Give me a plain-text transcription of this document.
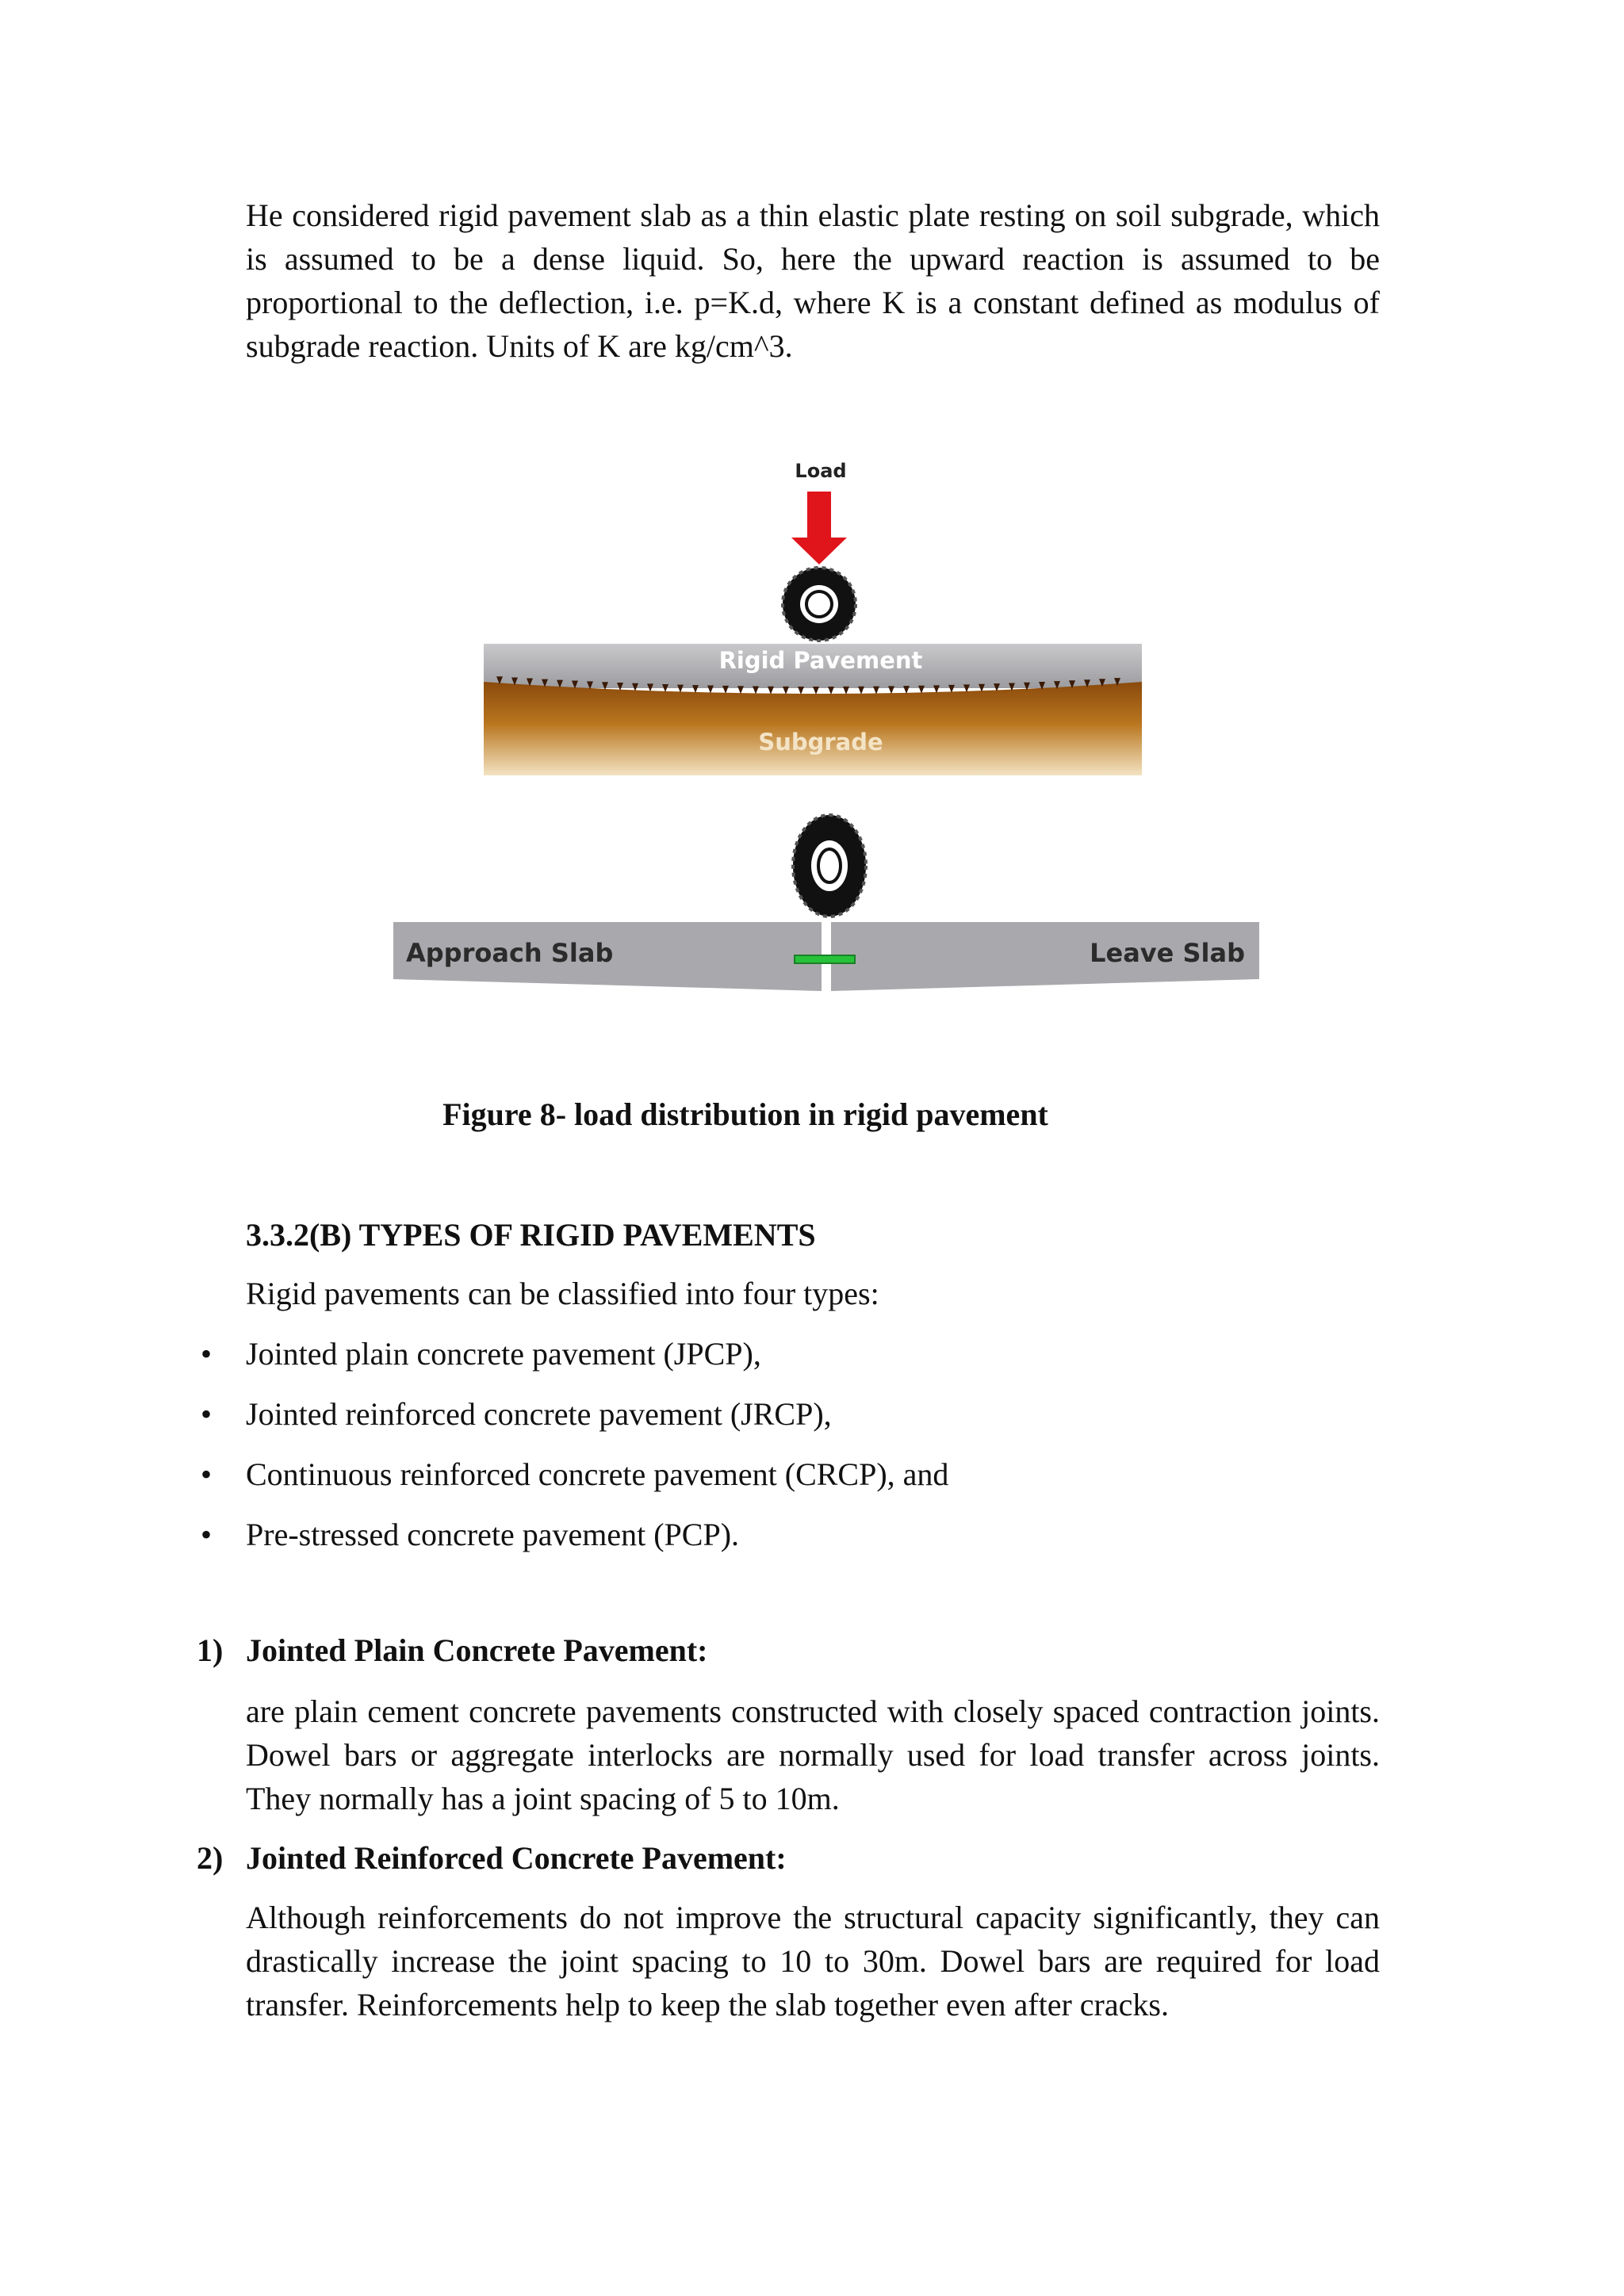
He considered rigid pavement slab as a thin elastic plate resting on soil subgrade, which is assumed to be a dense liquid. So, here the upward reaction is assumed to be proportional to the deflection, i.e. p=K.d, where K is a constant defined as modulus of subgrade reaction. Units of K are kg/cm^3.

Load
Rigid Pavement
Subgrade
Approach Slab	Leave Slab
Figure 8- load distribution in rigid pavement
3.3.2(B) TYPES OF RIGID PAVEMENTS
Rigid pavements can be classified into four types:
• Jointed plain concrete pavement (JPCP),
• Jointed reinforced concrete pavement (JRCP),
• Continuous reinforced concrete pavement (CRCP), and
• Pre-stressed concrete pavement (PCP).
1) Jointed Plain Concrete Pavement:

are plain cement concrete pavements constructed with closely spaced contraction joints. Dowel bars or aggregate interlocks are normally used for load transfer across joints. They normally has a joint spacing of 5 to 10m.

2) Jointed Reinforced Concrete Pavement:

Although reinforcements do not improve the structural capacity significantly, they can drastically increase the joint spacing to 10 to 30m. Dowel bars are required for load transfer. Reinforcements help to keep the slab together even after cracks.
